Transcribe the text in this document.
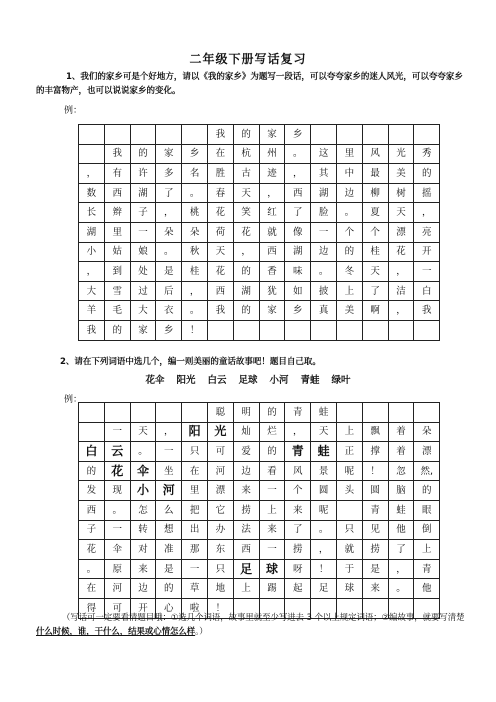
二年级下册写话复习
1、我们的家乡可是个好地方，请以《我的家乡》为题写一段话，可以夸夸家乡的迷人风光，可以夸夸家乡的丰富物产，也可以说说家乡的变化。
例：
					我	的	家	乡					
	我	的	家	乡	在	杭	州	。	这	里	风	光	秀
，	有	许	多	名	胜	古	迹	，	其	中	最	美	的
数	西	湖	了	。	春	天	，	西	湖	边	柳	树	摇
长	辫	子	，	桃	花	笑	红	了	脸	。	夏	天	，
湖	里	一	朵	朵	荷	花	就	像	一	个	个	漂	亮
小	姑	娘	。	秋	天	，	西	湖	边	的	桂	花	开
，	到	处	是	桂	花	的	香	味	。	冬	天	，	一
大	雪	过	后	，	西	湖	犹	如	披	上	了	洁	白
羊	毛	大	衣	。	我	的	家	乡	真	美	啊	，	我
我	的	家	乡	！									
2、请在下列词语中选几个，编一则美丽的童话故事吧！题目自己取。
花伞 阳光 白云 足球 小河 青蛙 绿叶
例：
					聪	明	的	青	蛙				
	一	天	，	阳	光	灿	烂	，	天	上	飘	着	朵
白	云	。	一	只	可	爱	的	青	蛙	正	撑	着	漂
的	花	伞	坐	在	河	边	看	风	景	呢	！	忽	然,
发	现	小	河	里	漂	来	一	个	圆	头	圆	脑	的
西	。	怎	么	把	它	捞	上	来	呢		青	蛙	眼
子	一	转	想	出	办	法	来	了	。	只	见	他	倒
花	伞	对	准	那	东	西	一	捞	，	就	捞	了	上
。	原	来	是	一	只	足	球	呀	！	于	是	，	青
在	河	边	的	草	地	上	踢	起	足	球	来	。	他
得	可	开	心	啦	！								
（写话可一定要看清题目哦：①选几个词语，故事里就至少写进去 3 个以上规定词语；②编故事，就要写清楚什么时候，谁，干什么，结果或心情怎么样。）
